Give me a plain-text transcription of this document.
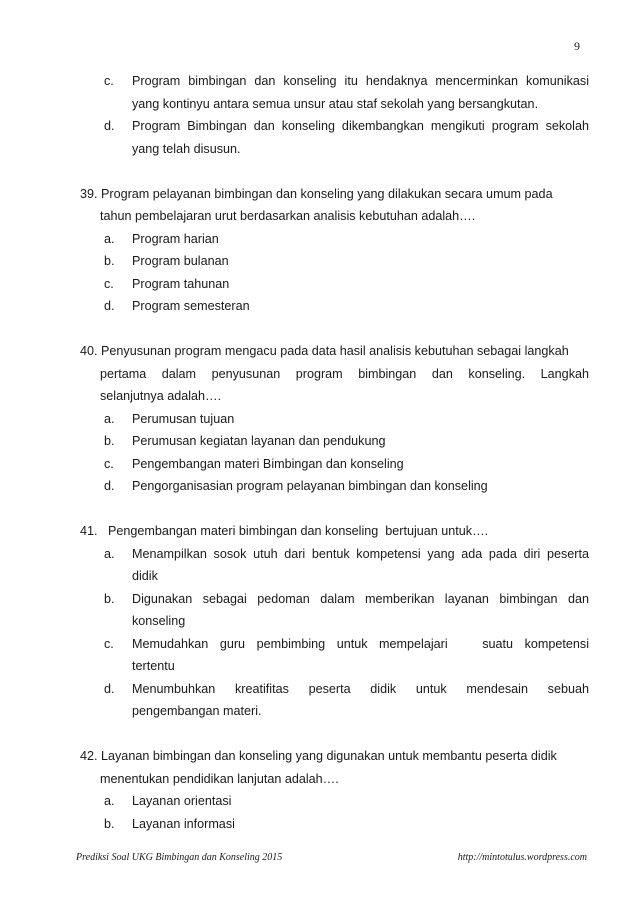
9
c. Program bimbingan dan konseling itu hendaknya mencerminkan komunikasi
yang kontinyu antara semua unsur atau staf sekolah yang bersangkutan.
d. Program Bimbingan dan konseling dikembangkan mengikuti program sekolah
yang telah disusun.
39. Program pelayanan bimbingan dan konseling yang dilakukan secara umum pada
tahun pembelajaran urut berdasarkan analisis kebutuhan adalah….
a. Program harian
b. Program bulanan
c. Program tahunan
d. Program semesteran
40. Penyusunan program mengacu pada data hasil analisis kebutuhan sebagai langkah
pertama dalam penyusunan program bimbingan dan konseling. Langkah
selanjutnya adalah….
a. Perumusan tujuan
b. Perumusan kegiatan layanan dan pendukung
c. Pengembangan materi Bimbingan dan konseling
d. Pengorganisasian program pelayanan bimbingan dan konseling
41.   Pengembangan materi bimbingan dan konseling  bertujuan untuk….
a. Menampilkan sosok utuh dari bentuk kompetensi yang ada pada diri peserta
didik
b. Digunakan sebagai pedoman dalam memberikan layanan bimbingan dan
konseling
c. Memudahkan guru pembimbing untuk mempelajari   suatu kompetensi
tertentu
d. Menumbuhkan kreatifitas peserta didik untuk mendesain sebuah
pengembangan materi.
42. Layanan bimbingan dan konseling yang digunakan untuk membantu peserta didik
menentukan pendidikan lanjutan adalah….
a. Layanan orientasi
b. Layanan informasi
Prediksi Soal UKG Bimbingan dan Konseling 2015	http://mintotulus.wordpress.com
